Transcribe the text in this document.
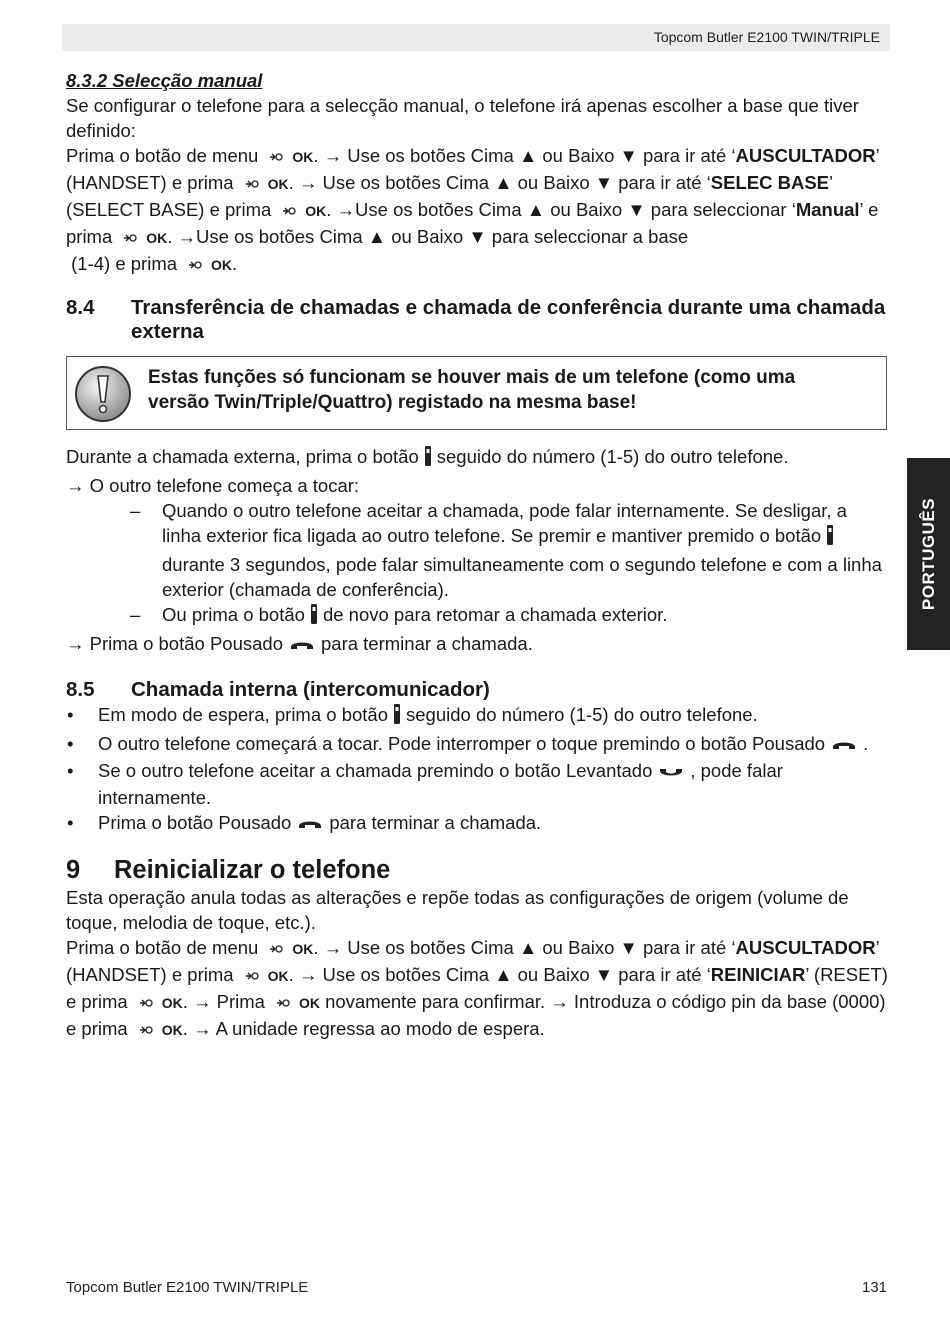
Topcom Butler E2100 TWIN/TRIPLE
PORTUGUÊS

8.3.2 Selecção manual

Se configurar o telefone para a selecção manual, o telefone irá apenas escolher a base que tiver definido:

Prima o botão de menu OK. → Use os botões Cima ▲ ou Baixo ▼ para ir até ‘AUSCULTADOR’ (HANDSET) e prima OK. → Use os botões Cima ▲ ou Baixo ▼ para ir até ‘SELEC BASE’ (SELECT BASE) e prima OK. →Use os botões Cima ▲ ou Baixo ▼ para seleccionar ‘Manual’ e prima OK. →Use os botões Cima ▲ ou Baixo ▼ para seleccionar a base

(1-4) e prima OK.

8.4	Transferência de chamadas e chamada de conferência durante uma chamada externa
Estas funções só funcionam se houver mais de um telefone (como uma versão Twin/Triple/Quattro) registado na mesma base!

Durante a chamada externa, prima o botão seguido do número (1-5) do outro telefone.

→ O outro telefone começa a tocar:

–	Quando o outro telefone aceitar a chamada, pode falar internamente. Se desligar, a linha exterior fica ligada ao outro telefone. Se premir e mantiver premido o botãodurante 3 segundos, pode falar simultaneamente com o segundo telefone e com a linha exterior (chamada de conferência).
–	Ou prima o botão de novo para retomar a chamada exterior.

→ Prima o botão Pousado para terminar a chamada.

8.5	Chamada interna (intercomunicador)
•	Em modo de espera, prima o botão seguido do número (1-5) do outro telefone.
•	O outro telefone começará a tocar. Pode interromper o toque premindo o botão Pousado .
•	Se o outro telefone aceitar a chamada premindo o botão Levantado , pode falar internamente.
•	Prima o botão Pousado para terminar a chamada.
9	Reinicializar o telefone

Esta operação anula todas as alterações e repõe todas as configurações de origem (volume de toque, melodia de toque, etc.).

Prima o botão de menu OK. → Use os botões Cima ▲ ou Baixo ▼ para ir até ‘AUSCULTADOR’ (HANDSET) e prima OK. → Use os botões Cima ▲ ou Baixo ▼ para ir até ‘REINICIAR’ (RESET) e prima OK. → Prima OK novamente para confirmar. → Introduza o código pin da base (0000) e prima OK. → A unidade regressa ao modo de espera.

Topcom Butler E2100 TWIN/TRIPLE	131
